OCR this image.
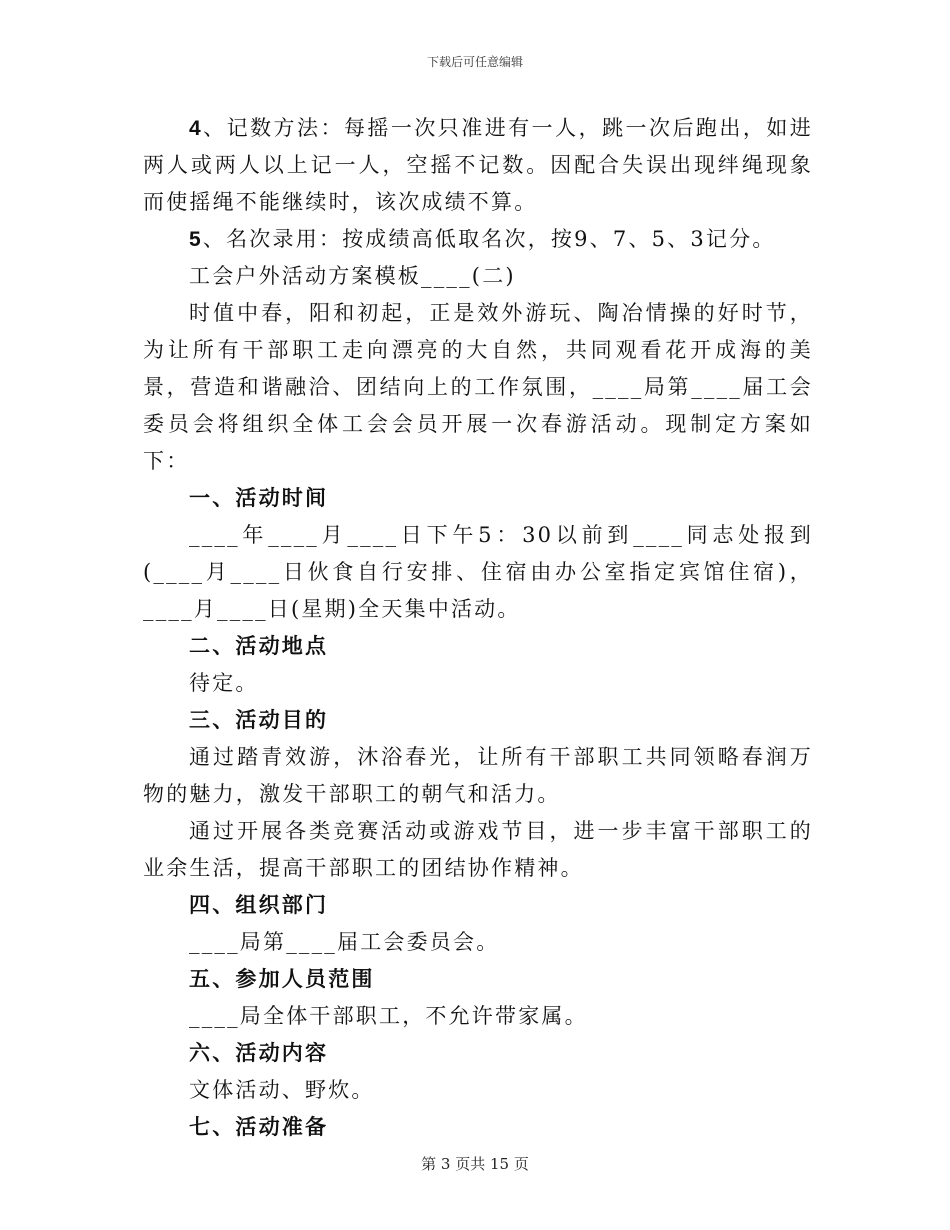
下载后可任意编辑

4、记数方法：每摇一次只准进有一人，跳一次后跑出，如进两人或两人以上记一人，空摇不记数。因配合失误出现绊绳现象而使摇绳不能继续时，该次成绩不算。

5、名次录用：按成绩高低取名次，按9、7、5、3记分。

工会户外活动方案模板____(二)

时值中春，阳和初起，正是效外游玩、陶冶情操的好时节，为让所有干部职工走向漂亮的大自然，共同观看花开成海的美景，营造和谐融洽、团结向上的工作氛围，____局第____届工会委员会将组织全体工会会员开展一次春游活动。现制定方案如下：

一、活动时间

____年____月____日下午5：30以前到____同志处报到(____月____日伙食自行安排、住宿由办公室指定宾馆住宿)，____月____日(星期)全天集中活动。

二、活动地点

待定。

三、活动目的

通过踏青效游，沐浴春光，让所有干部职工共同领略春润万物的魅力，激发干部职工的朝气和活力。

通过开展各类竞赛活动或游戏节目，进一步丰富干部职工的业余生活，提高干部职工的团结协作精神。

四、组织部门

____局第____届工会委员会。

五、参加人员范围

____局全体干部职工，不允许带家属。

六、活动内容

文体活动、野炊。

七、活动准备

第 3 页共 15 页
